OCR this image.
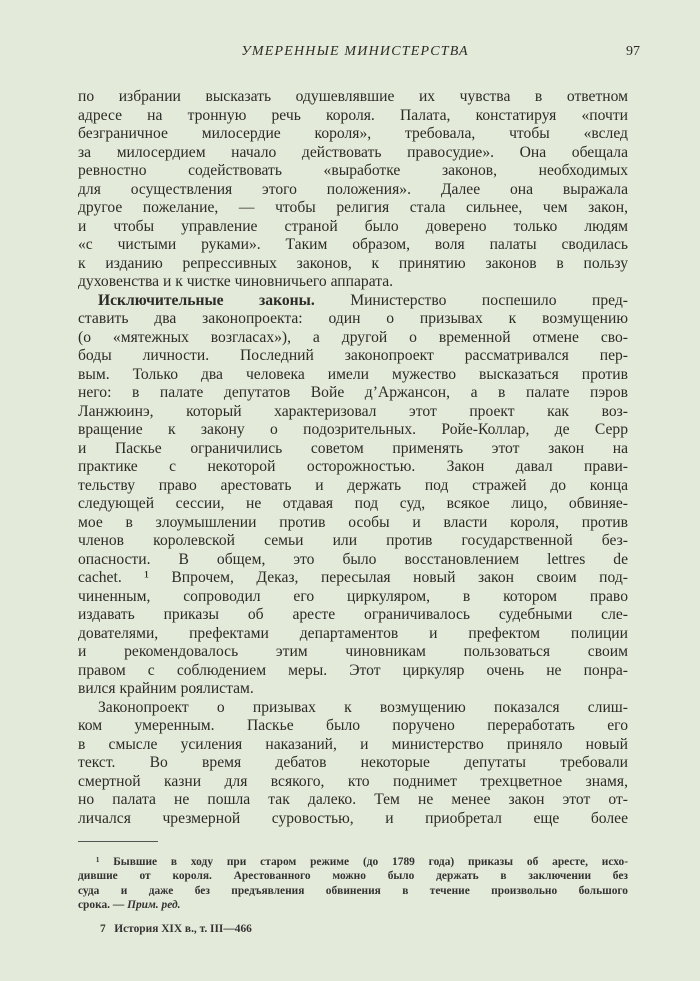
УМЕРЕННЫЕ МИНИСТЕРСТВА	97
по избрании высказать одушевлявшие их чувства в ответном
адресе на тронную речь короля. Палата, констатируя «почти
безграничное милосердие короля», требовала, чтобы «вслед
за милосердием начало действовать правосудие». Она обещала
ревностно содействовать «выработке законов, необходимых
для осуществления этого положения». Далее она выражала
другое пожелание, — чтобы религия стала сильнее, чем закон,
и чтобы управление страной было доверено только людям
«с чистыми руками». Таким образом, воля палаты сводилась
к изданию репрессивных законов, к принятию законов в пользу
духовенства и к чистке чиновничьего аппарата.
Исключительные законы. Министерство поспешило пред-
ставить два законопроекта: один о призывах к возмущению
(о «мятежных возгласах»), а другой о временной отмене сво-
боды личности. Последний законопроект рассматривался пер-
вым. Только два человека имели мужество высказаться против
него: в палате депутатов Войе д’Аржансон, а в палате пэров
Ланжюинэ, который характеризовал этот проект как воз-
вращение к закону о подозрительных. Ройе-Коллар, де Серр
и Паскье ограничились советом применять этот закон на
практике с некоторой осторожностью. Закон давал прави-
тельству право арестовать и держать под стражей до конца
следующей сессии, не отдавая под суд, всякое лицо, обвиняе-
мое в злоумышлении против особы и власти короля, против
членов королевской семьи или против государственной без-
опасности. В общем, это было восстановлением lettres de
cachet. ¹ Впрочем, Деказ, пересылая новый закон своим под-
чиненным, сопроводил его циркуляром, в котором право
издавать приказы об аресте ограничивалось судебными сле-
дователями, префектами департаментов и префектом полиции
и рекомендовалось этим чиновникам пользоваться своим
правом с соблюдением меры. Этот циркуляр очень не понра-
вился крайним роялистам.
Законопроект о призывах к возмущению показался слиш-
ком умеренным. Паскье было поручено переработать его
в смысле усиления наказаний, и министерство приняло новый
текст. Во время дебатов некоторые депутаты требовали
смертной казни для всякого, кто поднимет трехцветное знамя,
но палата не пошла так далеко. Тем не менее закон этот от-
личался чрезмерной суровостью, и приобретал еще более
¹ Бывшие в ходу при старом режиме (до 1789 года) приказы об аресте, исхо-
дившие от короля. Арестованного можно было держать в заключении без
суда и даже без предъявления обвинения в течение произвольно большого
срока. — Прим. ред.
7   История XIX в., т. III—466
